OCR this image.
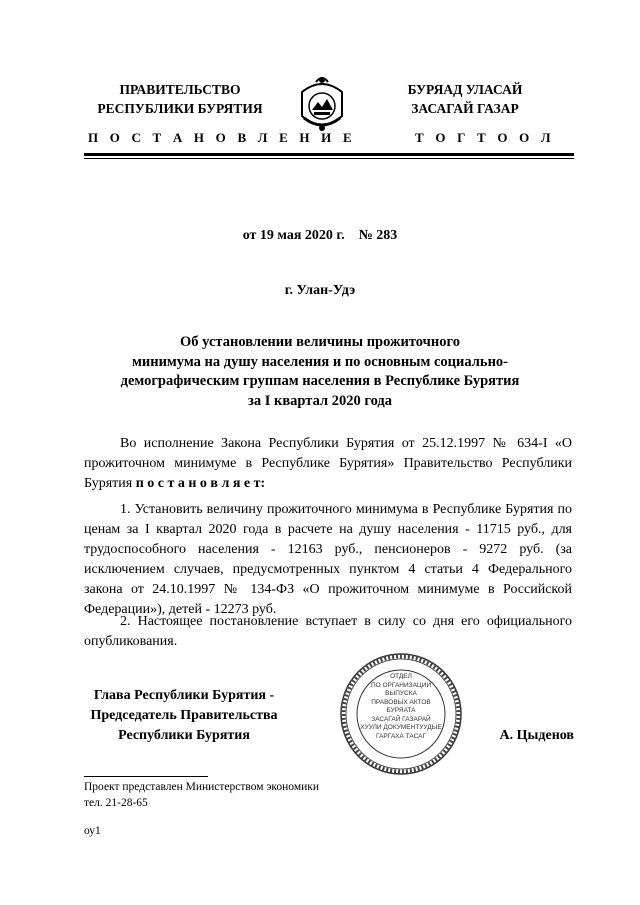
ПРАВИТЕЛЬСТВО
РЕСПУБЛИКИ БУРЯТИЯ
БУРЯАД УЛАСАЙ
ЗАСАГАЙ ГАЗАР
П О С Т А Н О В Л Е Н И Е	Т О Г Т О О Л
от 19 мая 2020 г.    № 283
г. Улан-Удэ
Об установлении величины прожиточного
минимума на душу населения и по основным социально-
демографическим группам населения в Республике Бурятия
за I квартал 2020 года
Во исполнение Закона Республики Бурятия от 25.12.1997 № 634-I «О прожиточном минимуме в Республике Бурятия» Правительство Республики Бурятия п о с т а н о в л я е т:
1. Установить величину прожиточного минимума в Республике Бурятия по ценам за I квартал 2020 года в расчете на душу населения - 11715 руб., для трудоспособного населения - 12163 руб., пенсионеров - 9272 руб. (за исключением случаев, предусмотренных пунктом 4 статьи 4 Федерального закона от 24.10.1997 № 134-ФЗ «О прожиточном минимуме в Российской Федерации»), детей - 12273 руб.
2. Настоящее постановление вступает в силу со дня его официального опубликования.
Глава Республики Бурятия -
Председатель Правительства
Республики Бурятия
ОТДЕЛ
ПО ОРГАНИЗАЦИИ
ВЫПУСКА
ПРАВОВЫХ АКТОВ
БУРЯАТА
ЗАСАГАЙ ГАЗАРАЙ
ХУУЛИ ДОКУМЕНТУУДЫЕ
ГАРГАХА ТАСАГ	А. Цыденов
Проект представлен Министерством экономики
тел. 21-28-65
оу1
